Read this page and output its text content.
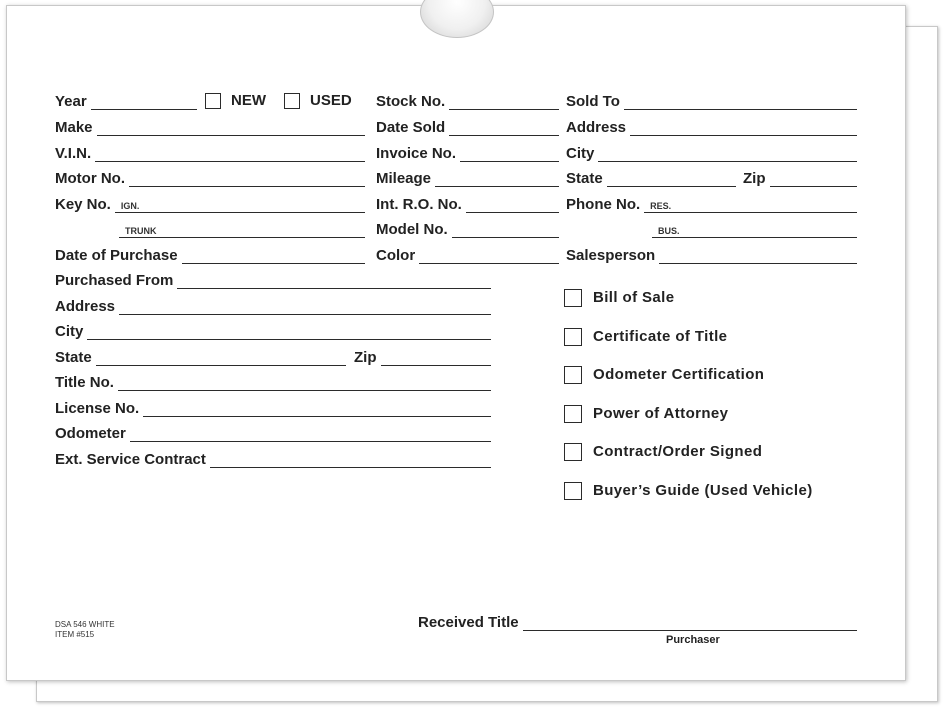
Year	NEW	USED
Make
V.I.N.
Motor No.
Key No. IGN.
TRUNK
Date of Purchase
Stock No.
Date Sold
Invoice No.
Mileage
Int. R.O. No.
Model No.
Color
Sold To
Address
City
State	Zip
Phone No. RES.
BUS.
Salesperson
Purchased From
Address
City
State	Zip
Title No.
License No.
Odometer
Ext. Service Contract
Bill of Sale
Certificate of Title
Odometer Certification
Power of Attorney
Contract/Order Signed
Buyer’s Guide (Used Vehicle)
DSA 546 WHITE
ITEM #515
Received Title
Purchaser
